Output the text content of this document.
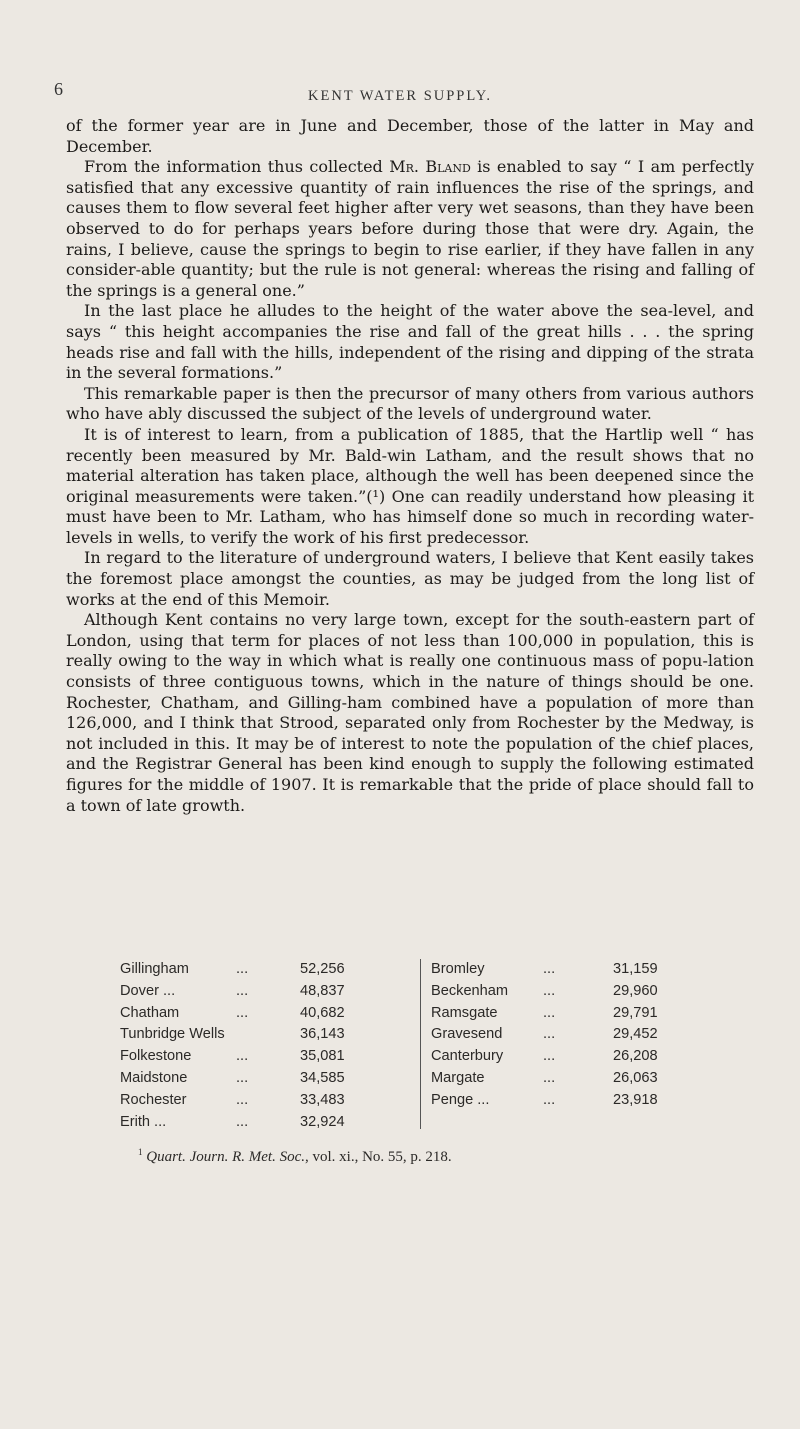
6	KENT WATER SUPPLY.

of the former year are in June and December, those of the latter in May and December.

From the information thus collected Mr. Bland is enabled to say “ I am perfectly satisfied that any excessive quantity of rain influences the rise of the springs, and causes them to flow several feet higher after very wet seasons, than they have been observed to do for perhaps years before during those that were dry. Again, the rains, I believe, cause the springs to begin to rise earlier, if they have fallen in any consider-able quantity; but the rule is not general: whereas the rising and falling of the springs is a general one.”

In the last place he alludes to the height of the water above the sea-level, and says “ this height accompanies the rise and fall of the great hills . . . the spring heads rise and fall with the hills, independent of the rising and dipping of the strata in the several formations.”

This remarkable paper is then the precursor of many others from various authors who have ably discussed the subject of the levels of underground water.

It is of interest to learn, from a publication of 1885, that the Hartlip well “ has recently been measured by Mr. Bald-win Latham, and the result shows that no material alteration has taken place, although the well has been deepened since the original measurements were taken.”(¹) One can readily understand how pleasing it must have been to Mr. Latham, who has himself done so much in recording water-levels in wells, to verify the work of his first predecessor.

In regard to the literature of underground waters, I believe that Kent easily takes the foremost place amongst the counties, as may be judged from the long list of works at the end of this Memoir.

Although Kent contains no very large town, except for the south-eastern part of London, using that term for places of not less than 100,000 in population, this is really owing to the way in which what is really one continuous mass of popu-lation consists of three contiguous towns, which in the nature of things should be one. Rochester, Chatham, and Gilling-ham combined have a population of more than 126,000, and I think that Strood, separated only from Rochester by the Medway, is not included in this. It may be of interest to note the population of the chief places, and the Registrar General has been kind enough to supply the following estimated figures for the middle of 1907. It is remarkable that the pride of place should fall to a town of late growth.

Gillingham	...	52,256
Dover ...	...	48,837
Chatham	...	40,682
Tunbridge Wells	36,143
Folkestone	...	35,081
Maidstone	...	34,585
Rochester	...	33,483
Erith ...	...	32,924
Bromley	...	31,159
Beckenham	...	29,960
Ramsgate	...	29,791
Gravesend	...	29,452
Canterbury	...	26,208
Margate	...	26,063
Penge ...	...	23,918
$^1$ Quart. Journ. R. Met. Soc., vol. xi., No. 55, p. 218.
